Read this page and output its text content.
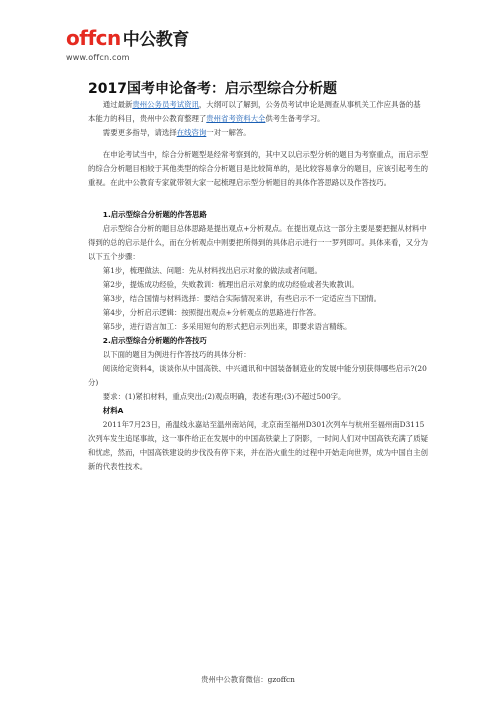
offcn 中公教育
www.offcn.com
2017国考申论备考：启示型综合分析题

通过最新贵州公务员考试资讯，大纲可以了解到，公务员考试申论是测查从事机关工作应具备的基本能力的科目，贵州中公教育整理了贵州省考资料大全供考生备考学习。

需要更多指导，请选择在线咨询一对一解答。

在申论考试当中，综合分析题型是经常考察到的，其中又以启示型分析的题目为考察重点，而启示型的综合分析题目相较于其他类型的综合分析题目是比较简单的，是比较容易拿分的题目，应该引起考生的重视。在此中公教育专家就带领大家一起梳理启示型分析题目的具体作答思路以及作答技巧。

1.启示型综合分析题的作答思路

启示型综合分析的题目总体思路是提出观点+分析观点。在提出观点这一部分主要是要把握从材料中得到的总的启示是什么，而在分析观点中则要把所得到的具体启示进行一一罗列即可。具体来看，又分为以下五个步骤：

第1步，梳理做法、问题：先从材料找出启示对象的做法或者问题。

第2步，提炼成功经验，失败教训：梳理出启示对象的成功经验或者失败教训。

第3步，结合国情与材料选择：要结合实际情况来讲，有些启示不一定适应当下国情。

第4步，分析启示逻辑：按照提出观点+分析观点的思路进行作答。

第5步，进行语言加工：多采用短句的形式把启示列出来，即要求语言精练。

2.启示型综合分析题的作答技巧

以下面的题目为例进行作答技巧的具体分析：

阅读给定资料4，谈谈你从中国高铁、中兴通讯和中国装备制造业的发展中能分别获得哪些启示?(20分)

要求：(1)紧扣材料，重点突出;(2)观点明确，表述有理;(3)不超过500字。

材料A

2011年7月23日，甬温线永嘉站至温州南站间，北京南至福州D301次列车与杭州至福州南D3115次列车发生追尾事故，这一事件给正在发展中的中国高铁蒙上了阴影，一时间人们对中国高铁充满了质疑和忧虑，然而，中国高铁建设的步伐没有停下来，并在浴火重生的过程中开始走向世界，成为中国自主创新的代表性技术。

贵州中公教育微信：gzoffcn
